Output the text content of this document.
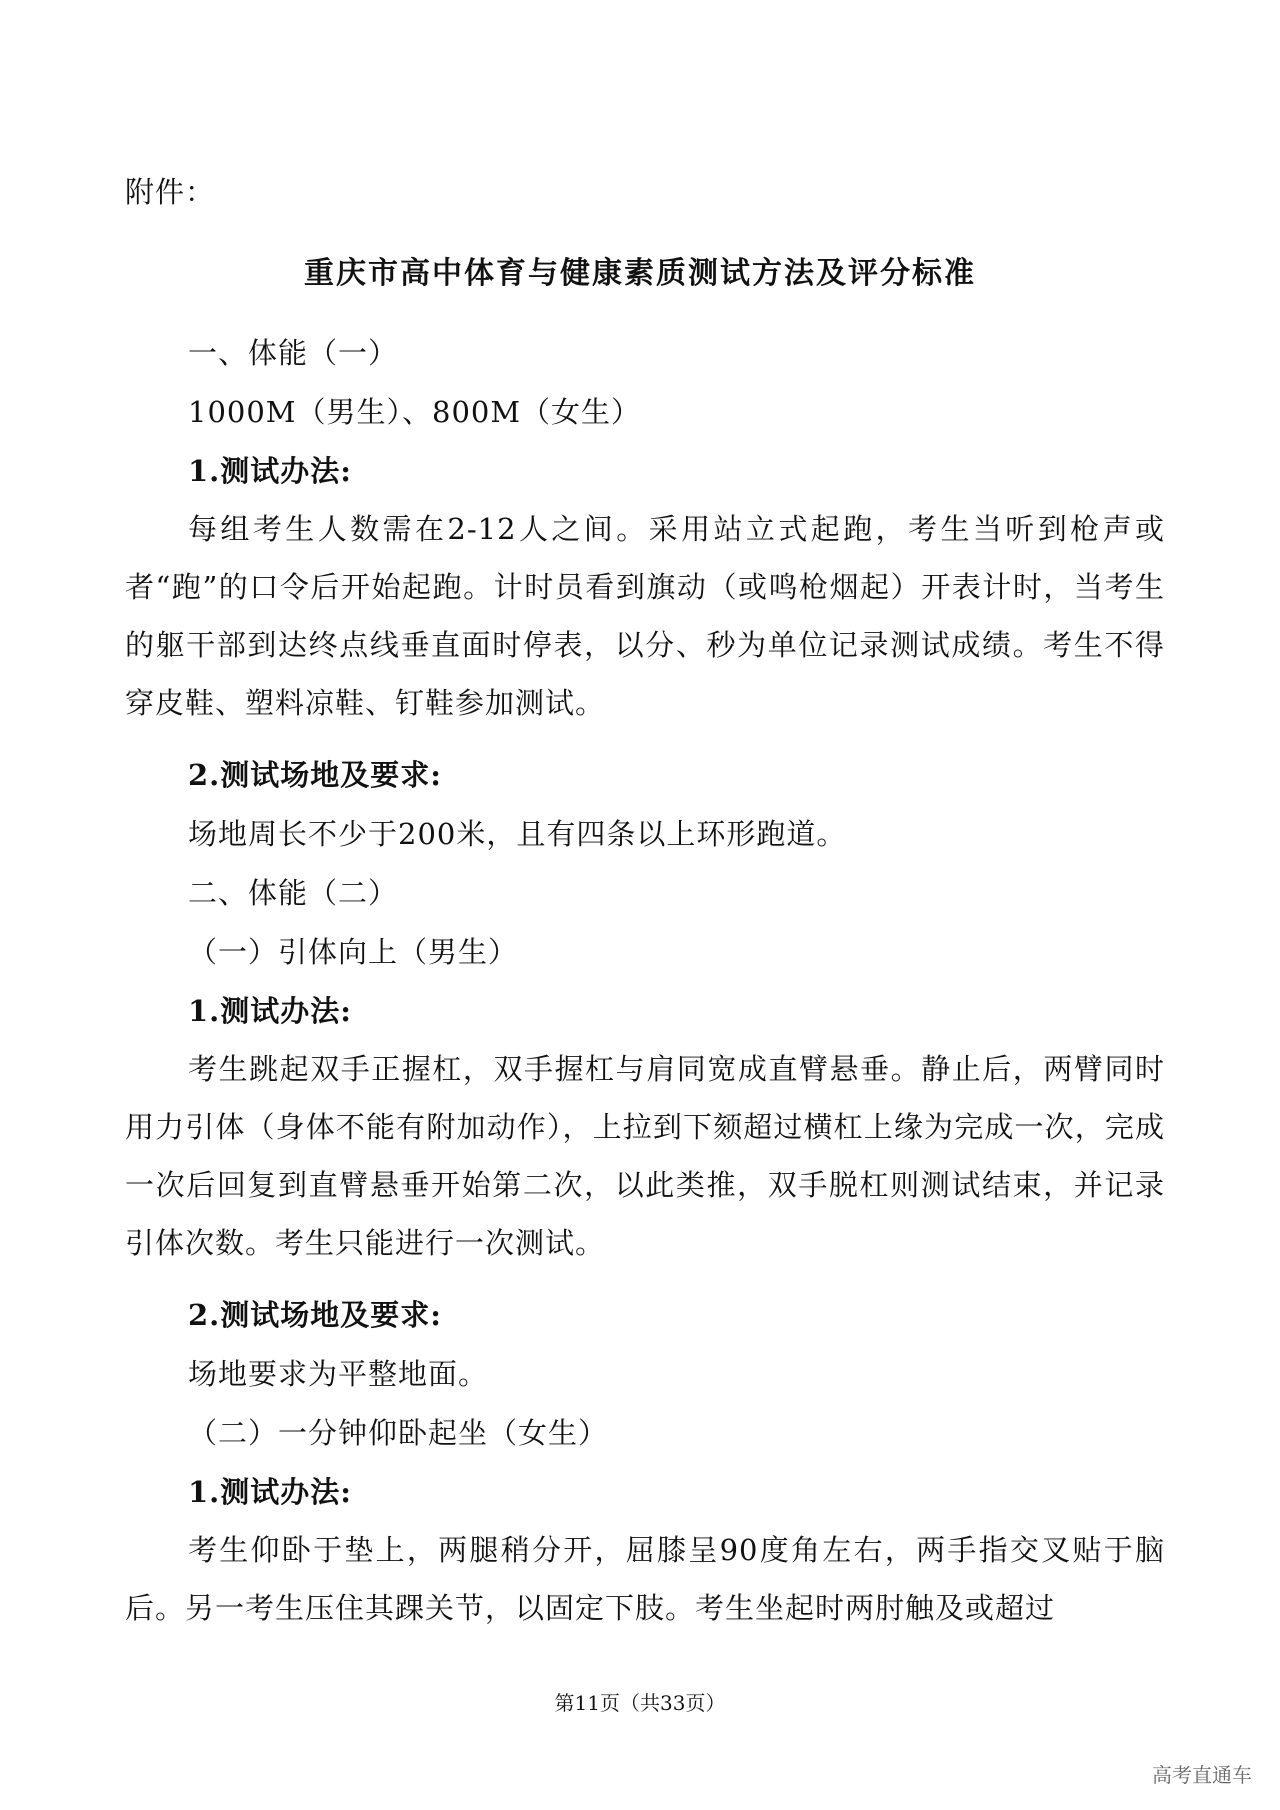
附件：
重庆市高中体育与健康素质测试方法及评分标准
一、体能（一）
1000M（男生）、800M（女生）
1.测试办法:
每组考生人数需在2-12人之间。采用站立式起跑，考生当听到枪声或者“跑”的口令后开始起跑。计时员看到旗动（或鸣枪烟起）开表计时，当考生的躯干部到达终点线垂直面时停表，以分、秒为单位记录测试成绩。考生不得穿皮鞋、塑料凉鞋、钉鞋参加测试。
2.测试场地及要求:
场地周长不少于200米，且有四条以上环形跑道。
二、体能（二）
（一）引体向上（男生）
1.测试办法:
考生跳起双手正握杠，双手握杠与肩同宽成直臂悬垂。静止后，两臂同时用力引体（身体不能有附加动作），上拉到下颏超过横杠上缘为完成一次，完成一次后回复到直臂悬垂开始第二次，以此类推，双手脱杠则测试结束，并记录引体次数。考生只能进行一次测试。
2.测试场地及要求:
场地要求为平整地面。
（二）一分钟仰卧起坐（女生）
1.测试办法:
考生仰卧于垫上，两腿稍分开，屈膝呈90度角左右，两手指交叉贴于脑后。另一考生压住其踝关节，以固定下肢。考生坐起时两肘触及或超过
第11页（共33页）
高考直通车
